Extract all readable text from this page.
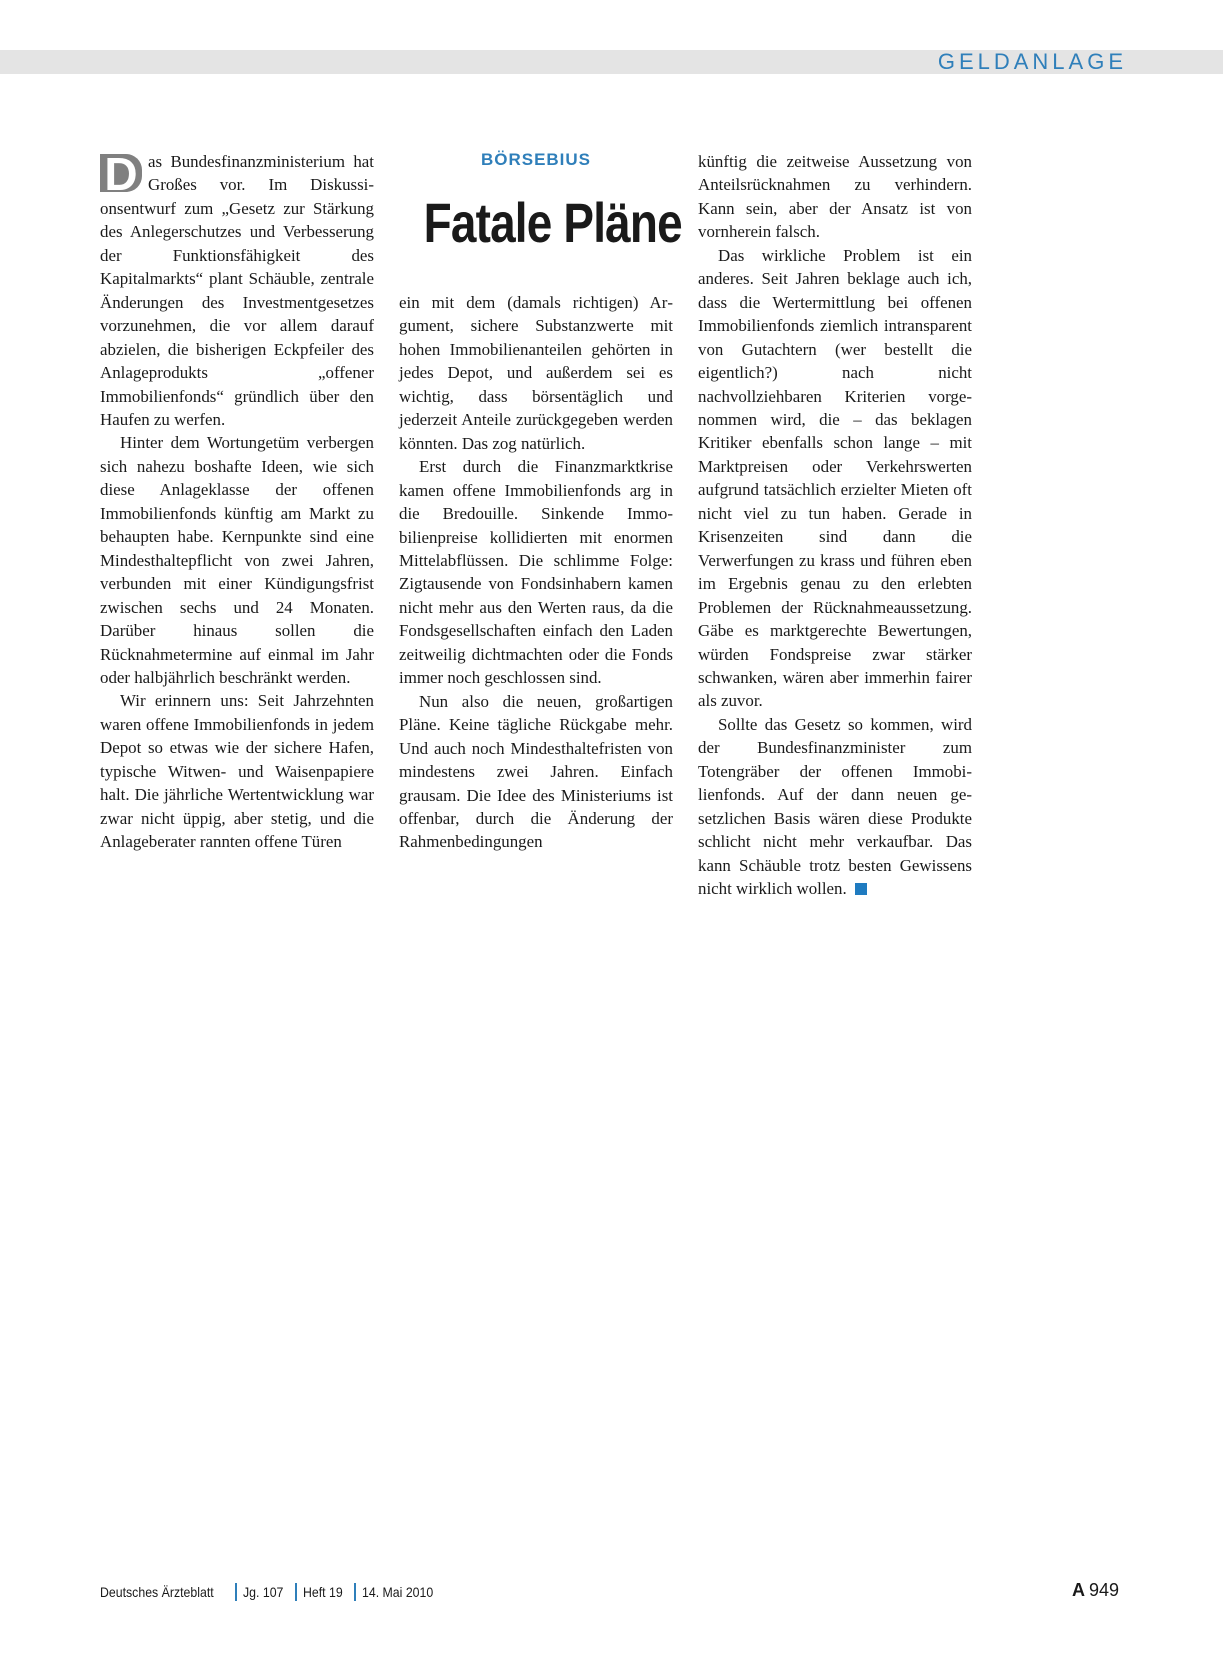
GELDANLAGE

D as Bundesfinanzministerium hat Großes vor. Im Diskussionsentwurf zum „Gesetz zur Stärkung des Anlegerschutzes und Verbesserung der Funktionsfähigkeit des Kapitalmarkts“ plant Schäuble, zentrale Änderungen des Investmentgesetzes vorzunehmen, die vor allem darauf abzielen, die bisherigen Eckpfeiler des Anlageprodukts „offener Immobilienfonds“ gründlich über den Haufen zu werfen.

Hinter dem Wortungetüm verbergen sich nahezu boshafte Ideen, wie sich diese Anlageklasse der offenen Immobilienfonds künftig am Markt zu behaupten habe. Kernpunkte sind eine Mindesthaltepflicht von zwei Jahren, verbunden mit einer Kündigungsfrist zwischen sechs und 24 Monaten. Darüber hinaus sollen die Rücknahmetermine auf einmal im Jahr oder halbjährlich beschränkt werden.

Wir erinnern uns: Seit Jahrzehnten waren offene Immobilienfonds in jedem Depot so etwas wie der sichere Hafen, typische Witwen- und Waisenpapiere halt. Die jährliche Wertentwicklung war zwar nicht üppig, aber stetig, und die Anlageberater rannten offene Türen

BÖRSEBIUS
Fatale Pläne

ein mit dem (damals richtigen) Argument, sichere Substanzwerte mit hohen Immobilienanteilen gehörten in jedes Depot, und außerdem sei es wichtig, dass börsentäglich und jederzeit Anteile zurückgegeben werden könnten. Das zog natürlich.

Erst durch die Finanzmarktkrise kamen offene Immobilienfonds arg in die Bredouille. Sinkende Immobilienpreise kollidierten mit enormen Mittelabflüssen. Die schlimme Folge: Zigtausende von Fondsinhabern kamen nicht mehr aus den Werten raus, da die Fondsgesellschaften einfach den Laden zeitweilig dichtmachten oder die Fonds immer noch geschlossen sind.

Nun also die neuen, großartigen Pläne. Keine tägliche Rückgabe mehr. Und auch noch Mindesthaltefristen von mindestens zwei Jahren. Einfach grausam. Die Idee des Ministeriums ist offenbar, durch die Änderung der Rahmenbedingungen

künftig die zeitweise Aussetzung von Anteilsrücknahmen zu verhindern. Kann sein, aber der Ansatz ist von vornherein falsch.

Das wirkliche Problem ist ein anderes. Seit Jahren beklage auch ich, dass die Wertermittlung bei offenen Immobilienfonds ziemlich intransparent von Gutachtern (wer bestellt die eigentlich?) nach nicht nachvollziehbaren Kriterien vorgenommen wird, die – das beklagen Kritiker ebenfalls schon lange – mit Marktpreisen oder Verkehrswerten aufgrund tatsächlich erzielter Mieten oft nicht viel zu tun haben. Gerade in Krisenzeiten sind dann die Verwerfungen zu krass und führen eben im Ergebnis genau zu den erlebten Problemen der Rücknahmeaussetzung. Gäbe es marktgerechte Bewertungen, würden Fondspreise zwar stärker schwanken, wären aber immerhin fairer als zuvor.

Sollte das Gesetz so kommen, wird der Bundesfinanzminister zum Totengräber der offenen Immobilienfonds. Auf der dann neuen gesetzlichen Basis wären diese Produkte schlicht nicht mehr verkaufbar. Das kann Schäuble trotz besten Gewissens nicht wirklich wollen.

Deutsches Ärzteblatt Jg. 107 Heft 19 14. Mai 2010	A 949
